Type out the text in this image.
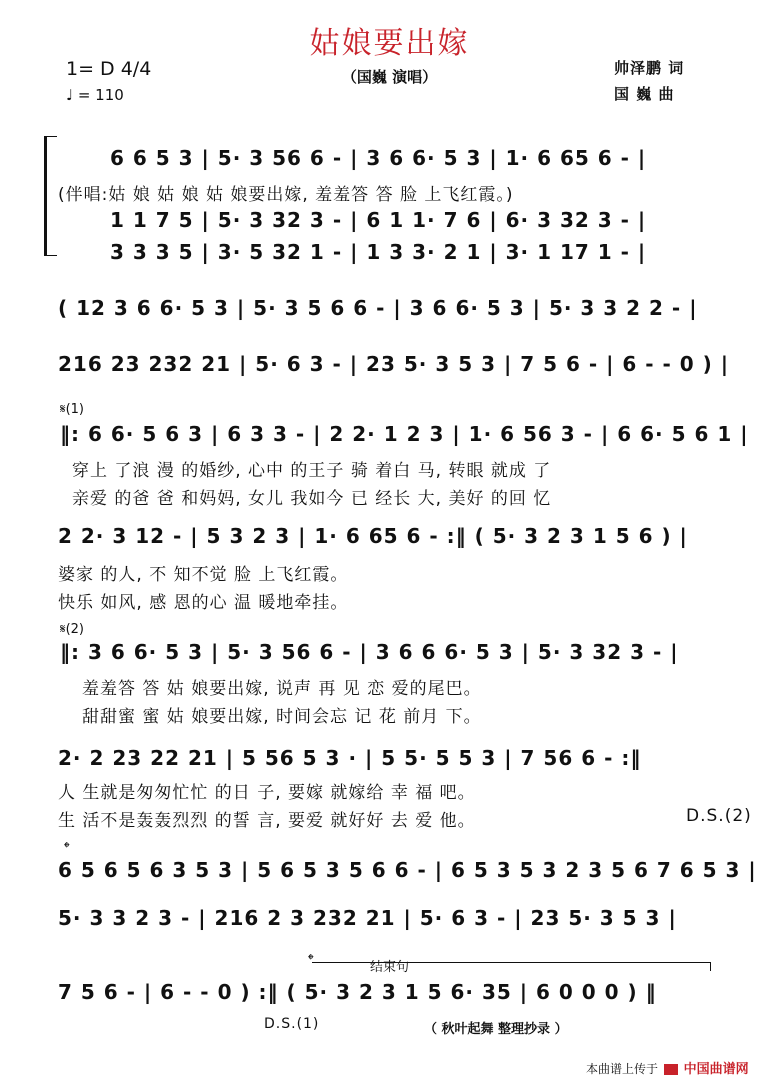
姑娘要出嫁
（国巍 演唱）
1= D 4/4
♩ = 110
帅泽鹏 词
国 巍 曲
6 6 5 3 | 5· 3 56 6 - | 3 6 6· 5 3 | 1· 6 65 6 - |
(伴唱:姑 娘 姑 娘 姑 娘要出嫁, 羞羞答 答 脸 上飞红霞。)
1 1 7 5 | 5· 3 32 3 - | 6 1 1· 7 6 | 6· 3 32 3 - |
3 3 3 5 | 3· 5 32 1 - | 1 3 3· 2 1 | 3· 1 17 1 - |
( 12 3 6 6· 5 3 | 5· 3 5 6 6 - | 3 6 6· 5 3 | 5· 3 3 2 2 - |
216 23 232 21 | 5· 6 3 - | 23 5· 3 5 3 | 7 5 6 - | 6 - - 0 ) |
𝄋(1)
‖: 6 6· 5 6 3 | 6 3 3 - | 2 2· 1 2 3 | 1· 6 56 3 - | 6 6· 5 6 1 |
穿上 了浪 漫 的婚纱, 心中 的王子 骑 着白 马, 转眼 就成 了
亲爱 的爸 爸 和妈妈, 女儿 我如今 已 经长 大, 美好 的回 忆
2 2· 3 12 - | 5 3 2 3 | 1· 6 65 6 - :‖ ( 5· 3 2 3 1 5 6 ) |
婆家 的人, 不 知不觉 脸 上飞红霞。
快乐 如风, 感 恩的心 温 暖地牵挂。
𝄋(2)
‖: 3 6 6· 5 3 | 5· 3 56 6 - | 3 6 6 6· 5 3 | 5· 3 32 3 - |
羞羞答 答 姑 娘要出嫁, 说声 再 见 恋 爱的尾巴。
甜甜蜜 蜜 姑 娘要出嫁, 时间会忘 记 花 前月 下。
2· 2 23 22 21 | 5 56 5 3 · | 5 5· 5 5 3 | 7 56 6 - :‖
人 生就是匆匆忙忙 的日 子, 要嫁 就嫁给 幸 福 吧。
生 活不是轰轰烈烈 的誓 言, 要爱 就好好 去 爱 他。	D.S.(2)
𝄌
6 5 6 5 6 3 5 3 | 5 6 5 3 5 6 6 - | 6 5 3 5 3 2 3 5 6 7 6 5 3 |
5· 3 3 2 3 - | 216 2 3 232 21 | 5· 6 3 - | 23 5· 3 5 3 |
𝄌	结束句
7 5 6 - | 6 - - 0 ) :‖ ( 5· 3 2 3 1 5 6· 35 | 6 0 0 0 ) ‖
D.S.(1)	（ 秋叶起舞 整理抄录 ）
本曲谱上传于 中国曲谱网
